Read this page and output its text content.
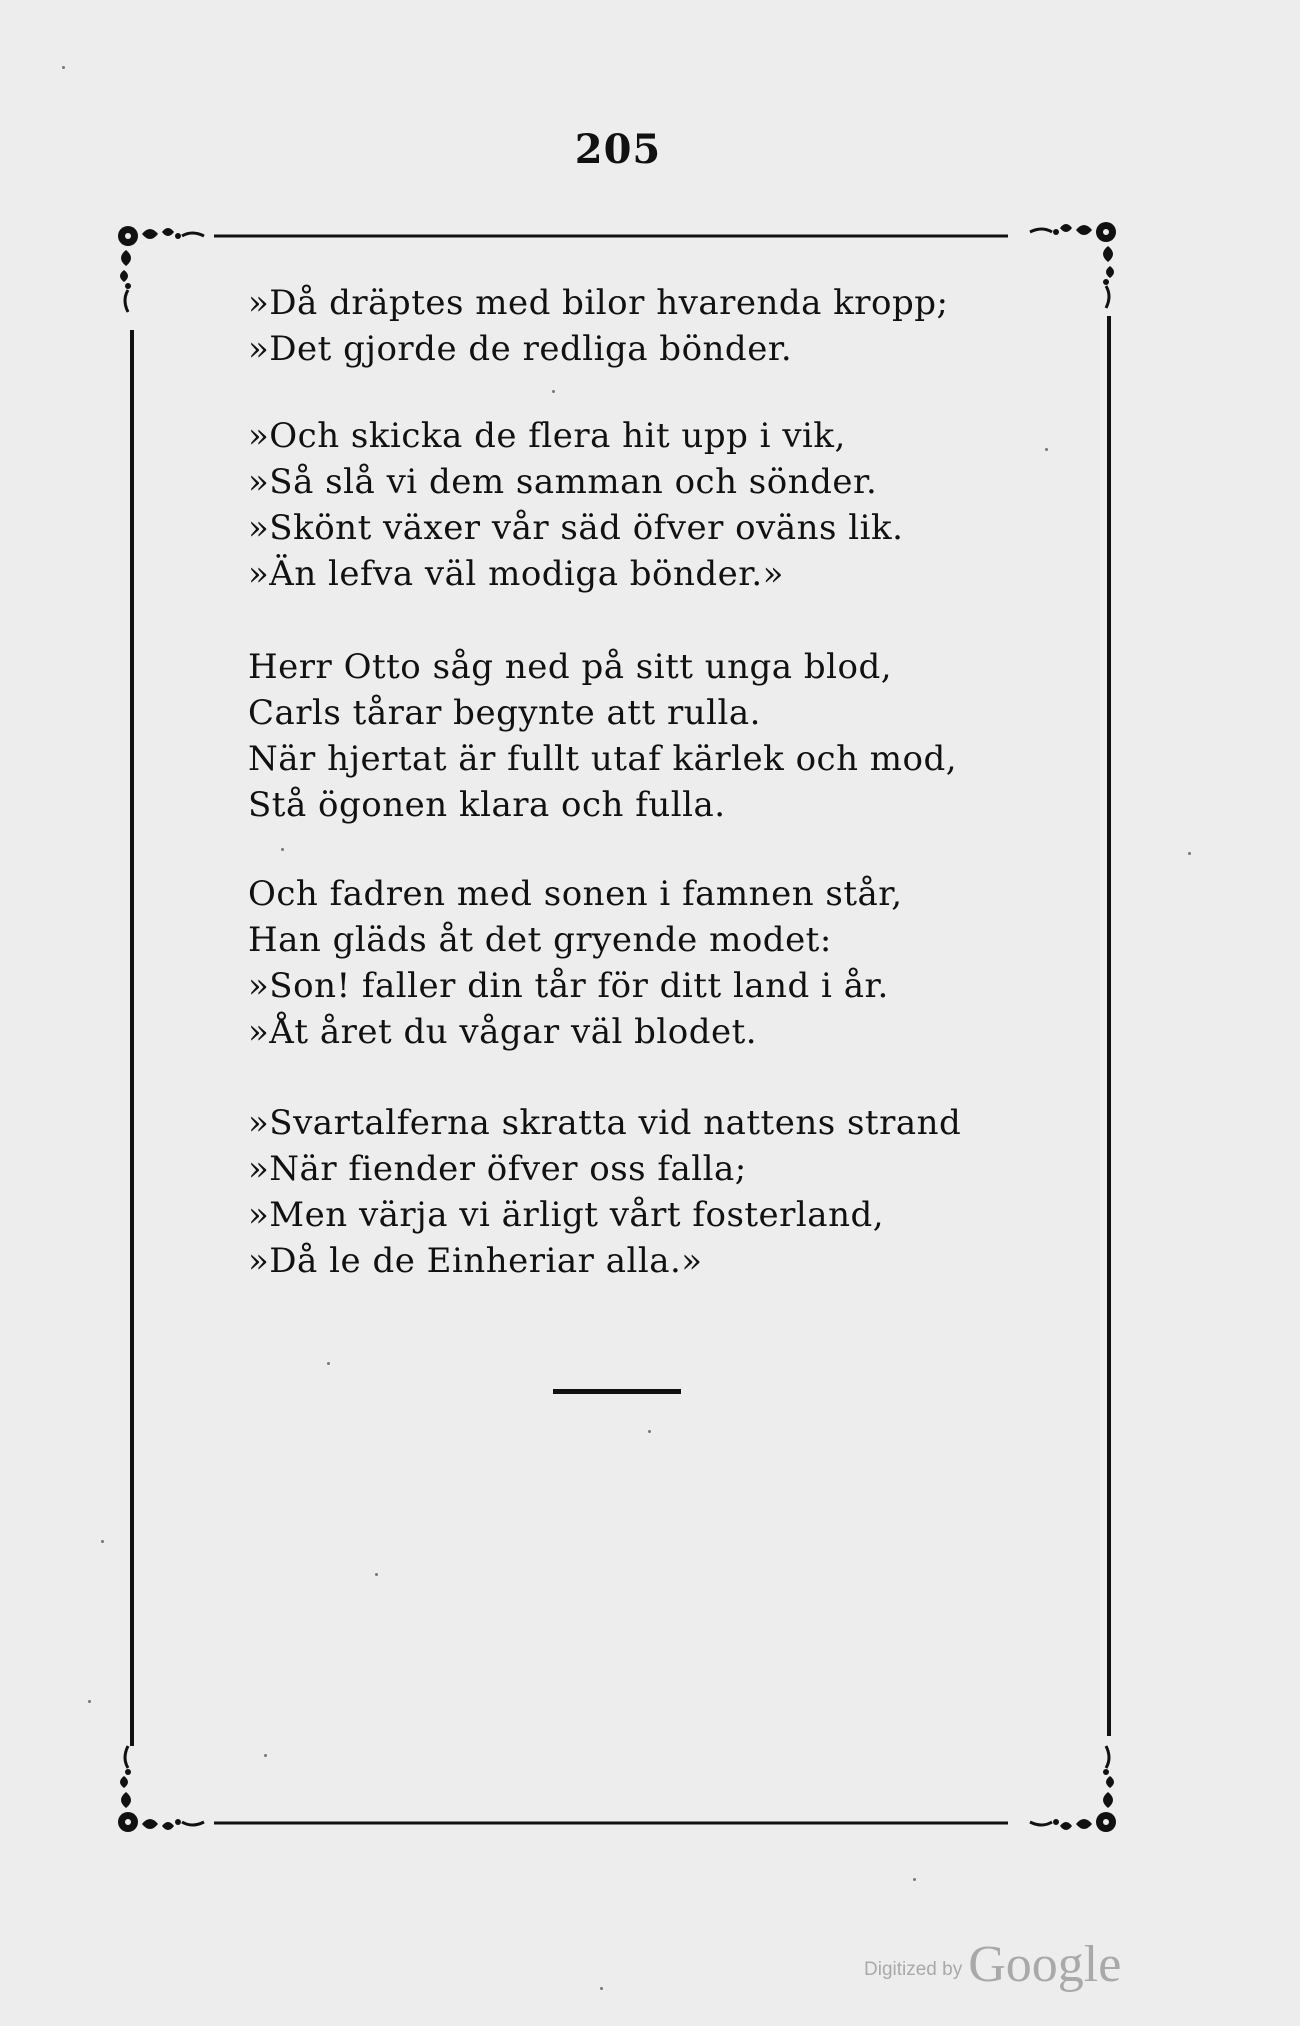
205
»Då dräptes med bilor hvarenda kropp;
»Det gjorde de redliga bönder.
»Och skicka de flera hit upp i vik,
»Så slå vi dem samman och sönder.
»Skönt växer vår säd öfver oväns lik.
»Än lefva väl modiga bönder.»
Herr Otto såg ned på sitt unga blod,
Carls tårar begynte att rulla.
När hjertat är fullt utaf kärlek och mod,
Stå ögonen klara och fulla.
Och fadren med sonen i famnen står,
Han gläds åt det gryende modet:
»Son! faller din tår för ditt land i år.
»Åt året du vågar väl blodet.
»Svartalferna skratta vid nattens strand
»När fiender öfver oss falla;
»Men värja vi ärligt vårt fosterland,
»Då le de Einheriar alla.»
Digitized by Google
